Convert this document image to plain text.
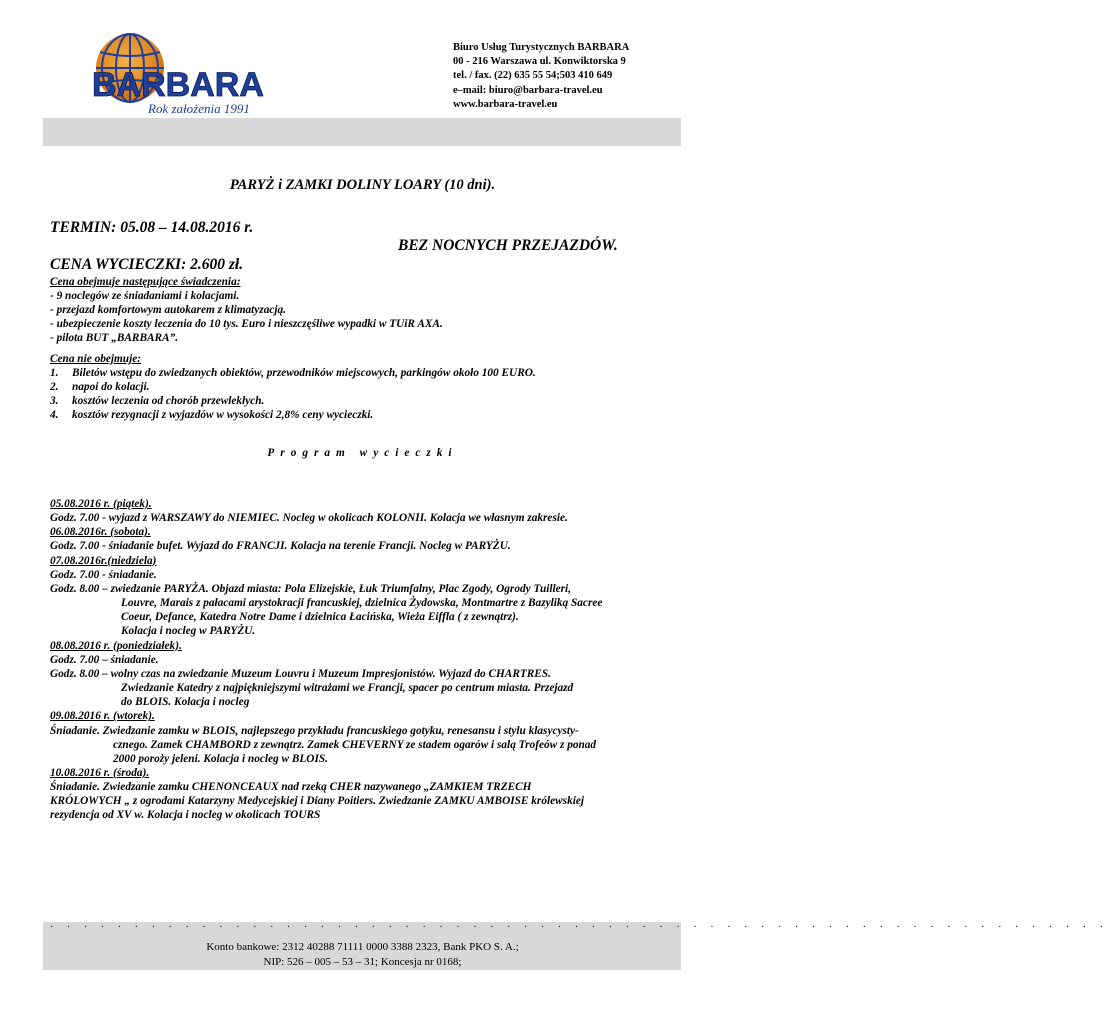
BARBARA
Rok założenia 1991
Biuro Usług Turystycznych BARBARA
00 - 216 Warszawa ul. Konwiktorska 9
tel. / fax. (22) 635 55 54;503 410 649
e–mail: biuro@barbara-travel.eu
www.barbara-travel.eu
PARYŻ i ZAMKI DOLINY LOARY (10 dni).
TERMIN: 05.08 – 14.08.2016 r.
BEZ NOCNYCH PRZEJAZDÓW.
CENA WYCIECZKI: 2.600 zł.
Cena obejmuje następujące świadczenia:
- 9 noclegów ze śniadaniami i kolacjami.
- przejazd komfortowym autokarem z klimatyzacją.
- ubezpieczenie koszty leczenia do 10 tys. Euro i nieszczęśliwe wypadki w TUiR AXA.
- pilota BUT „BARBARA”.
Cena nie obejmuje:
1. Biletów wstępu do zwiedzanych obiektów, przewodników miejscowych, parkingów około 100 EURO.
2. napoi do kolacji.
3. kosztów leczenia od chorób przewlekłych.
4. kosztów rezygnacji z wyjazdów w wysokości 2,8% ceny wycieczki.
Program wycieczki
05.08.2016 r. (piątek).
Godz. 7.00 - wyjazd z WARSZAWY do NIEMIEC. Nocleg w okolicach KOLONII. Kolacja we własnym zakresie.
06.08.2016r. (sobota).
Godz. 7.00 - śniadanie bufet. Wyjazd do FRANCJI. Kolacja na terenie Francji. Nocleg w PARYŻU.
07.08.2016r.(niedziela)
Godz. 7.00 - śniadanie.
Godz. 8.00 – zwiedzanie PARYŻA. Objazd miasta: Pola Elizejskie, Łuk Triumfalny, Plac Zgody, Ogrody Tuilleri,
Louvre, Marais z pałacami arystokracji francuskiej, dzielnica Żydowska, Montmartre z Bazyliką Sacree
Coeur, Defance, Katedra Notre Dame i dzielnica Łacińska, Wieża Eiffla ( z zewnątrz).
Kolacja i nocleg w PARYŻU.
08.08.2016 r. (poniedziałek).
Godz. 7.00 – śniadanie.
Godz. 8.00 – wolny czas na zwiedzanie Muzeum Louvru i Muzeum Impresjonistów. Wyjazd do CHARTRES.
Zwiedzanie Katedry z najpiękniejszymi witrażami we Francji, spacer po centrum miasta. Przejazd
do BLOIS. Kolacja i nocleg
09.08.2016 r. (wtorek).
Śniadanie. Zwiedzanie zamku w BLOIS, najlepszego przykładu francuskiego gotyku, renesansu i stylu klasycysty-
cznego. Zamek CHAMBORD z zewnątrz. Zamek CHEVERNY ze stadem ogarów i salą Trofeów z ponad
2000 poroży jeleni. Kolacja i nocleg w BLOIS.
10.08.2016 r. (środa).
Śniadanie. Zwiedzanie zamku CHENONCEAUX nad rzeką CHER nazywanego „ZAMKIEM TRZECH
KRÓLOWYCH „ z ogrodami Katarzyny Medycejskiej i Diany Poitiers. Zwiedzanie ZAMKU AMBOISE królewskiej
rezydencja od XV w. Kolacja i nocleg w okolicach TOURS
· · · · · · · · · · · · · · · · · · · · · · · · · · · · · · · · · · · · · · · · · · · · · · · · · · · · · · · · · · · · · · ·
Konto bankowe: 2312 40288 71111 0000 3388 2323, Bank PKO S. A.;
NIP: 526 – 005 – 53 – 31; Koncesja nr 0168;
